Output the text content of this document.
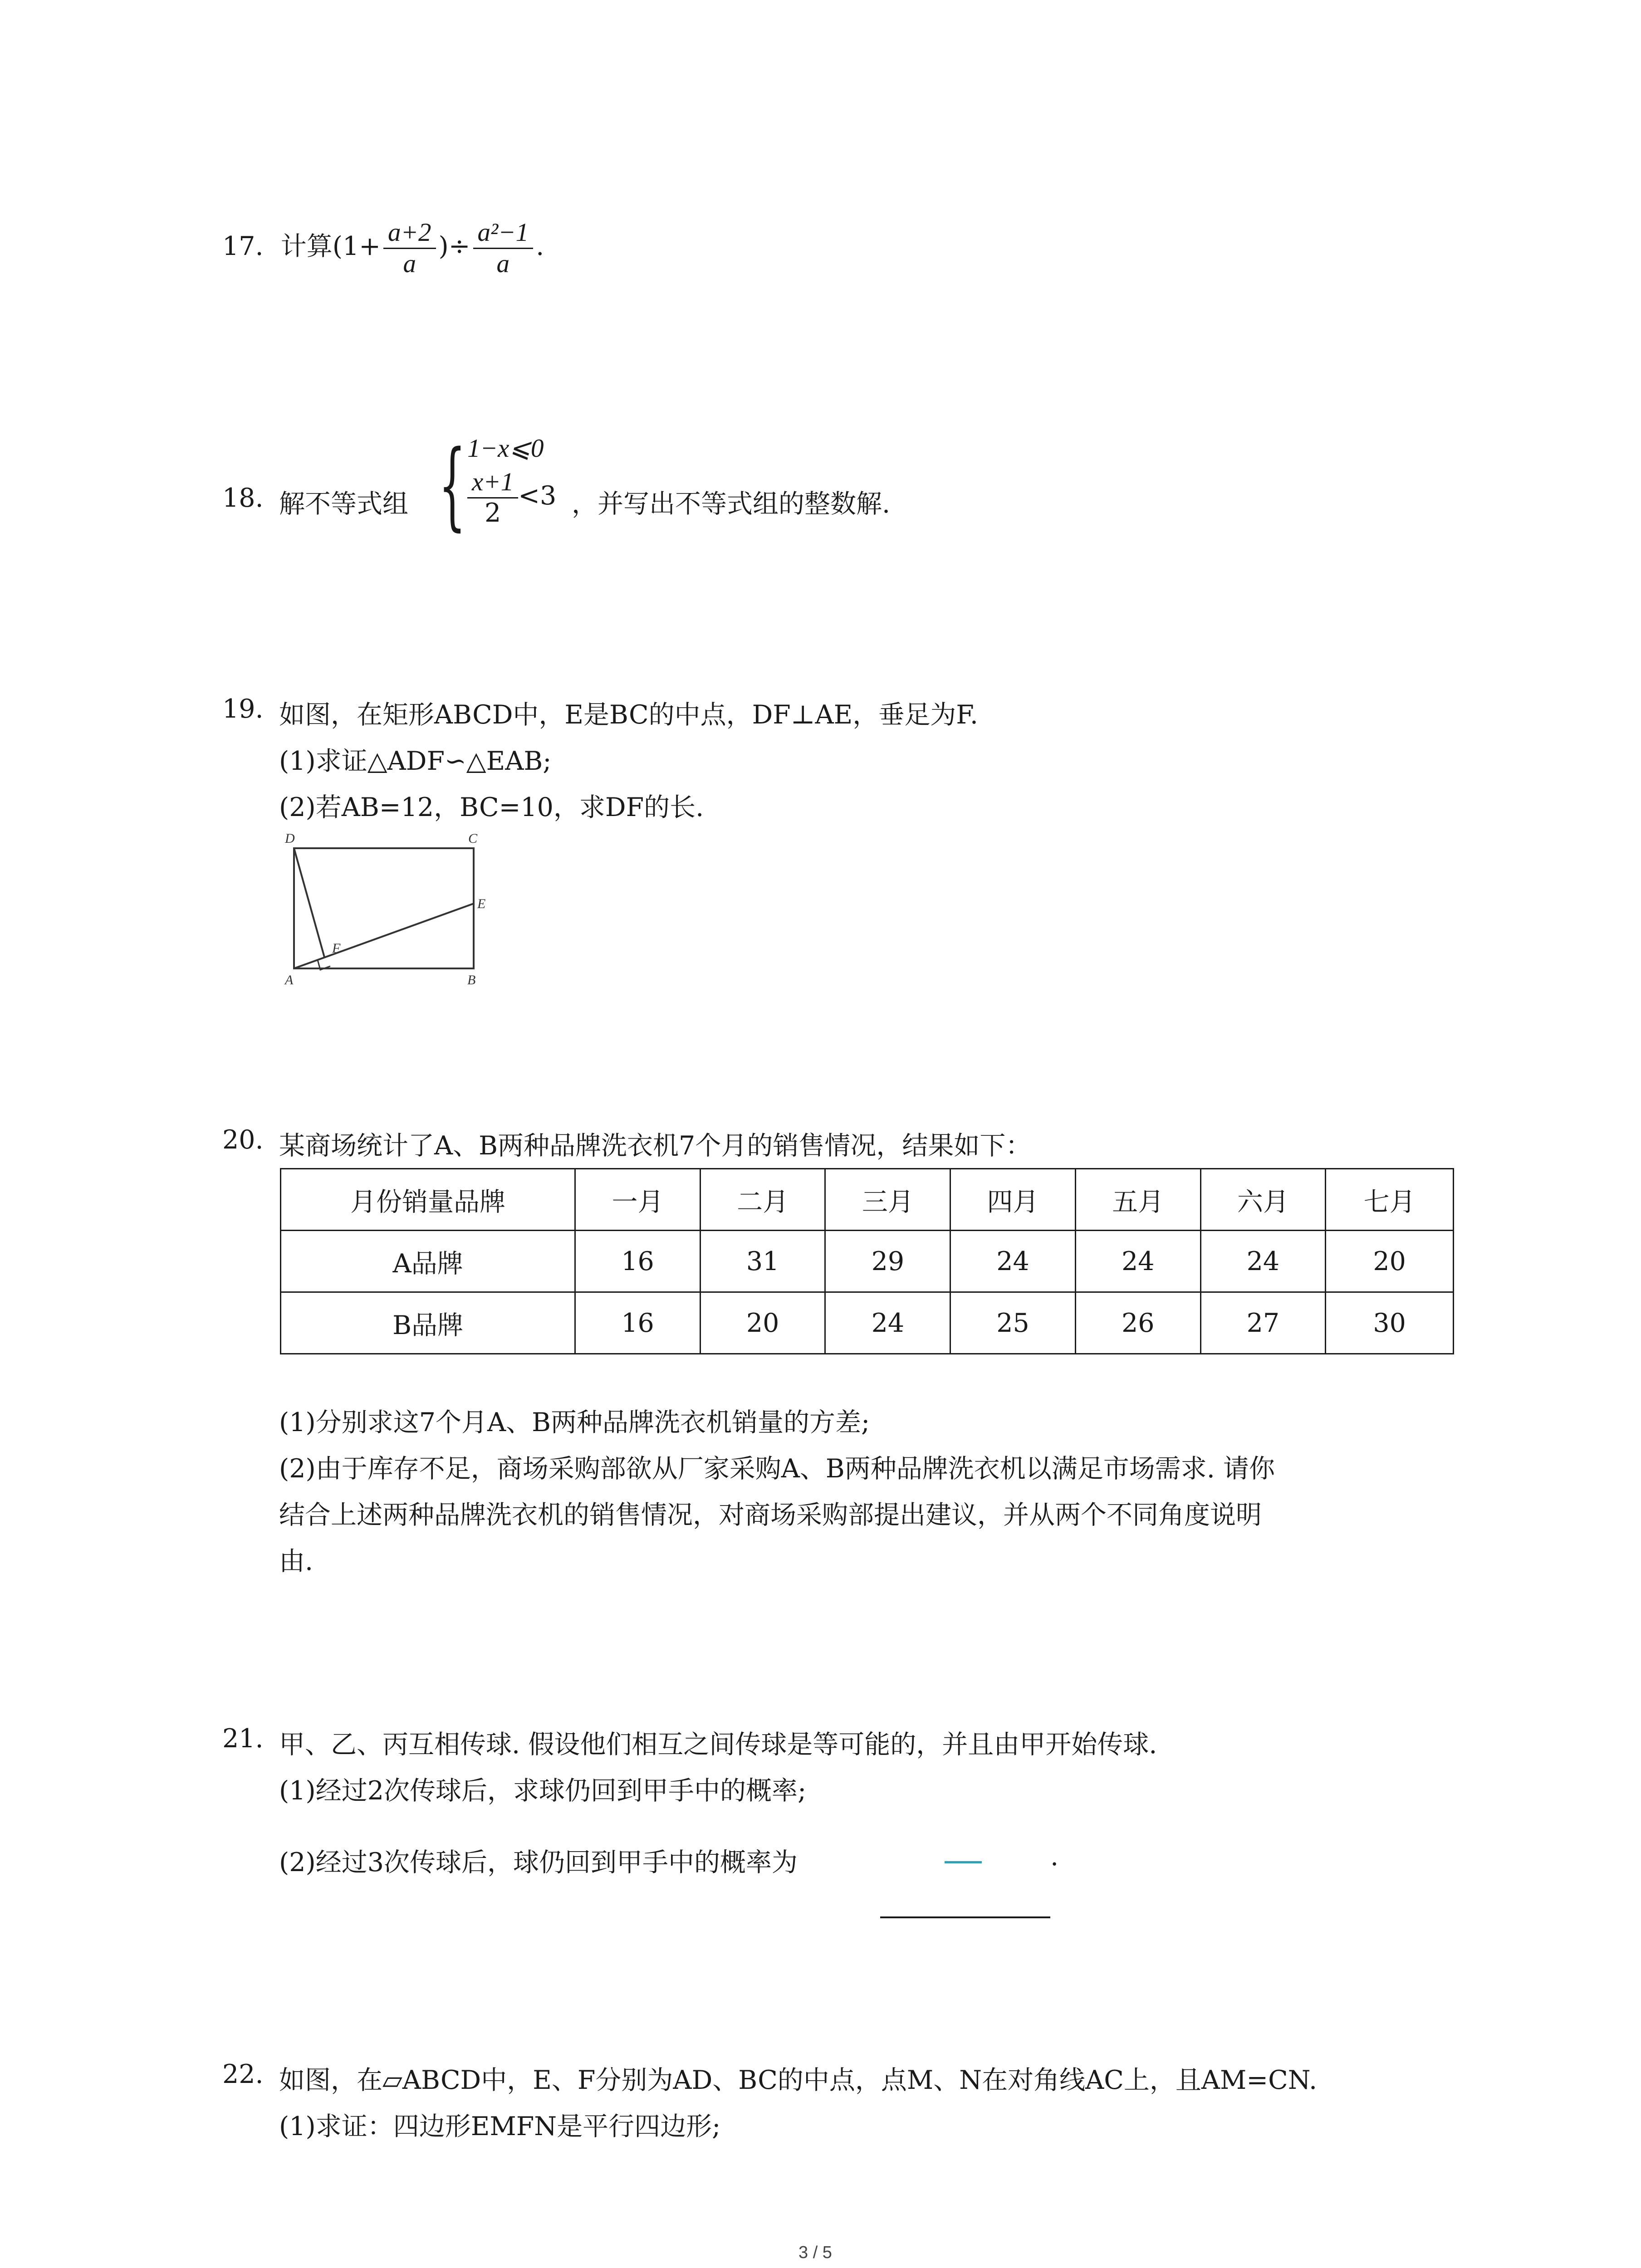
17. 计算($1+ \frac{a+2}{a}$ )÷ $\frac{\text{a²−1}}{a}$ .
18. 解不等式组 { 1−x⩽0
$\frac{x+1}{2} <3$ ，并写出不等式组的整数解.
19. 如图，在矩形ABCD中，E是BC的中点，DF⊥AE，垂足为F.
(1)求证△ADF∽△EAB;
(2)若AB=12，BC=10，求DF的长.
D	C
E
F
A	B
20. 某商场统计了A、B两种品牌洗衣机7个月的销售情况，结果如下：
月份销量品牌	一月	二月	三月	四月	五月	六月	七月
A品牌	16	31	29	24	24	24	20
B品牌	16	20	24	25	26	27	30
(1)分别求这7个月A、B两种品牌洗衣机销量的方差;
(2)由于库存不足，商场采购部欲从厂家采购A、B两种品牌洗衣机以满足市场需求. 请你
结合上述两种品牌洗衣机的销售情况，对商场采购部提出建议，并从两个不同角度说明
由.
21. 甲、乙、丙互相传球. 假设他们相互之间传球是等可能的，并且由甲开始传球.
(1)经过2次传球后，求球仍回到甲手中的概率;
(2)经过3次传球后，球仍回到甲手中的概率为	.
22. 如图，在▱ABCD中，E、F分别为AD、BC的中点，点M、N在对角线AC上，且AM=CN.
(1)求证：四边形EMFN是平行四边形;
3 / 5
